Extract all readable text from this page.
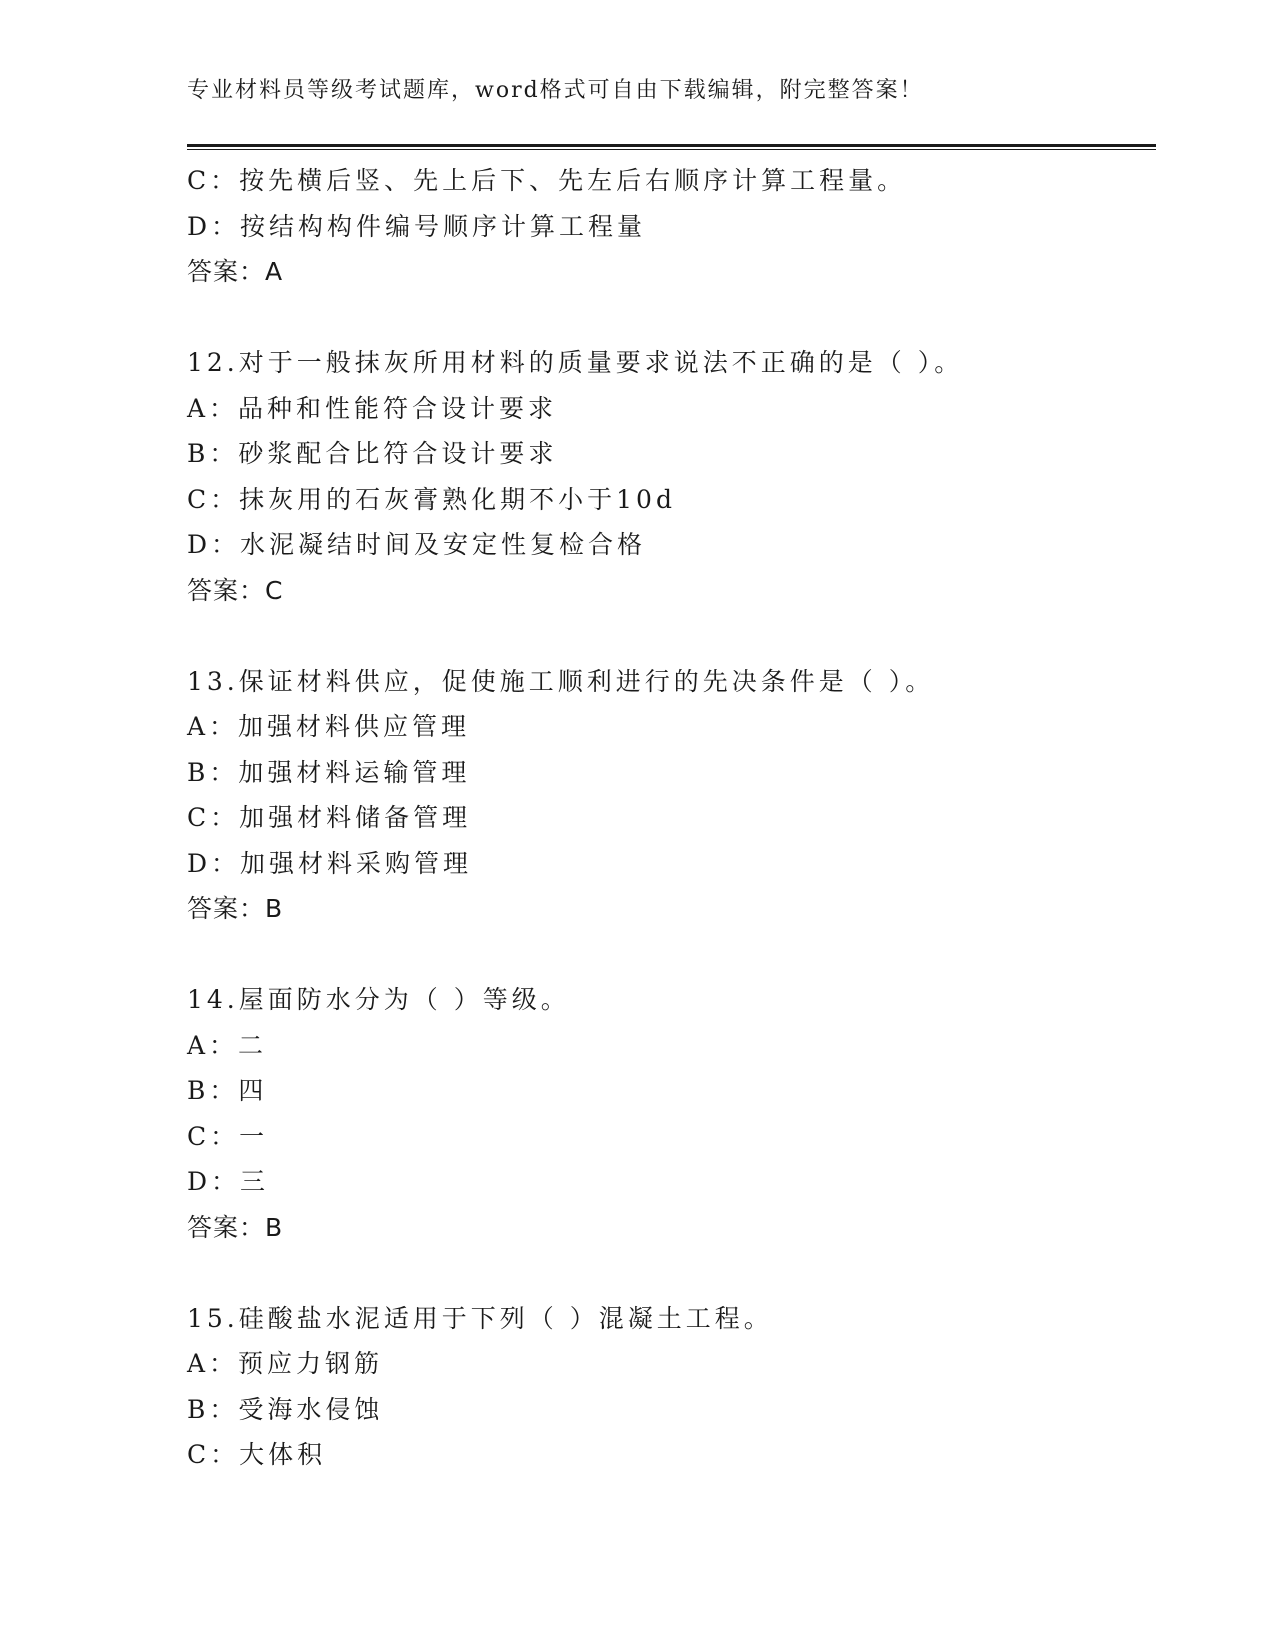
专业材料员等级考试题库，word格式可自由下载编辑，附完整答案！
C：按先横后竖、先上后下、先左后右顺序计算工程量。
D：按结构构件编号顺序计算工程量
答案：A
12.对于一般抹灰所用材料的质量要求说法不正确的是（ ）。
A：品种和性能符合设计要求
B：砂浆配合比符合设计要求
C：抹灰用的石灰膏熟化期不小于10d
D：水泥凝结时间及安定性复检合格
答案：C
13.保证材料供应，促使施工顺利进行的先决条件是（ ）。
A：加强材料供应管理
B：加强材料运输管理
C：加强材料储备管理
D：加强材料采购管理
答案：B
14.屋面防水分为（ ）等级。
A：二
B：四
C：一
D：三
答案：B
15.硅酸盐水泥适用于下列（ ）混凝土工程。
A：预应力钢筋
B：受海水侵蚀
C：大体积
